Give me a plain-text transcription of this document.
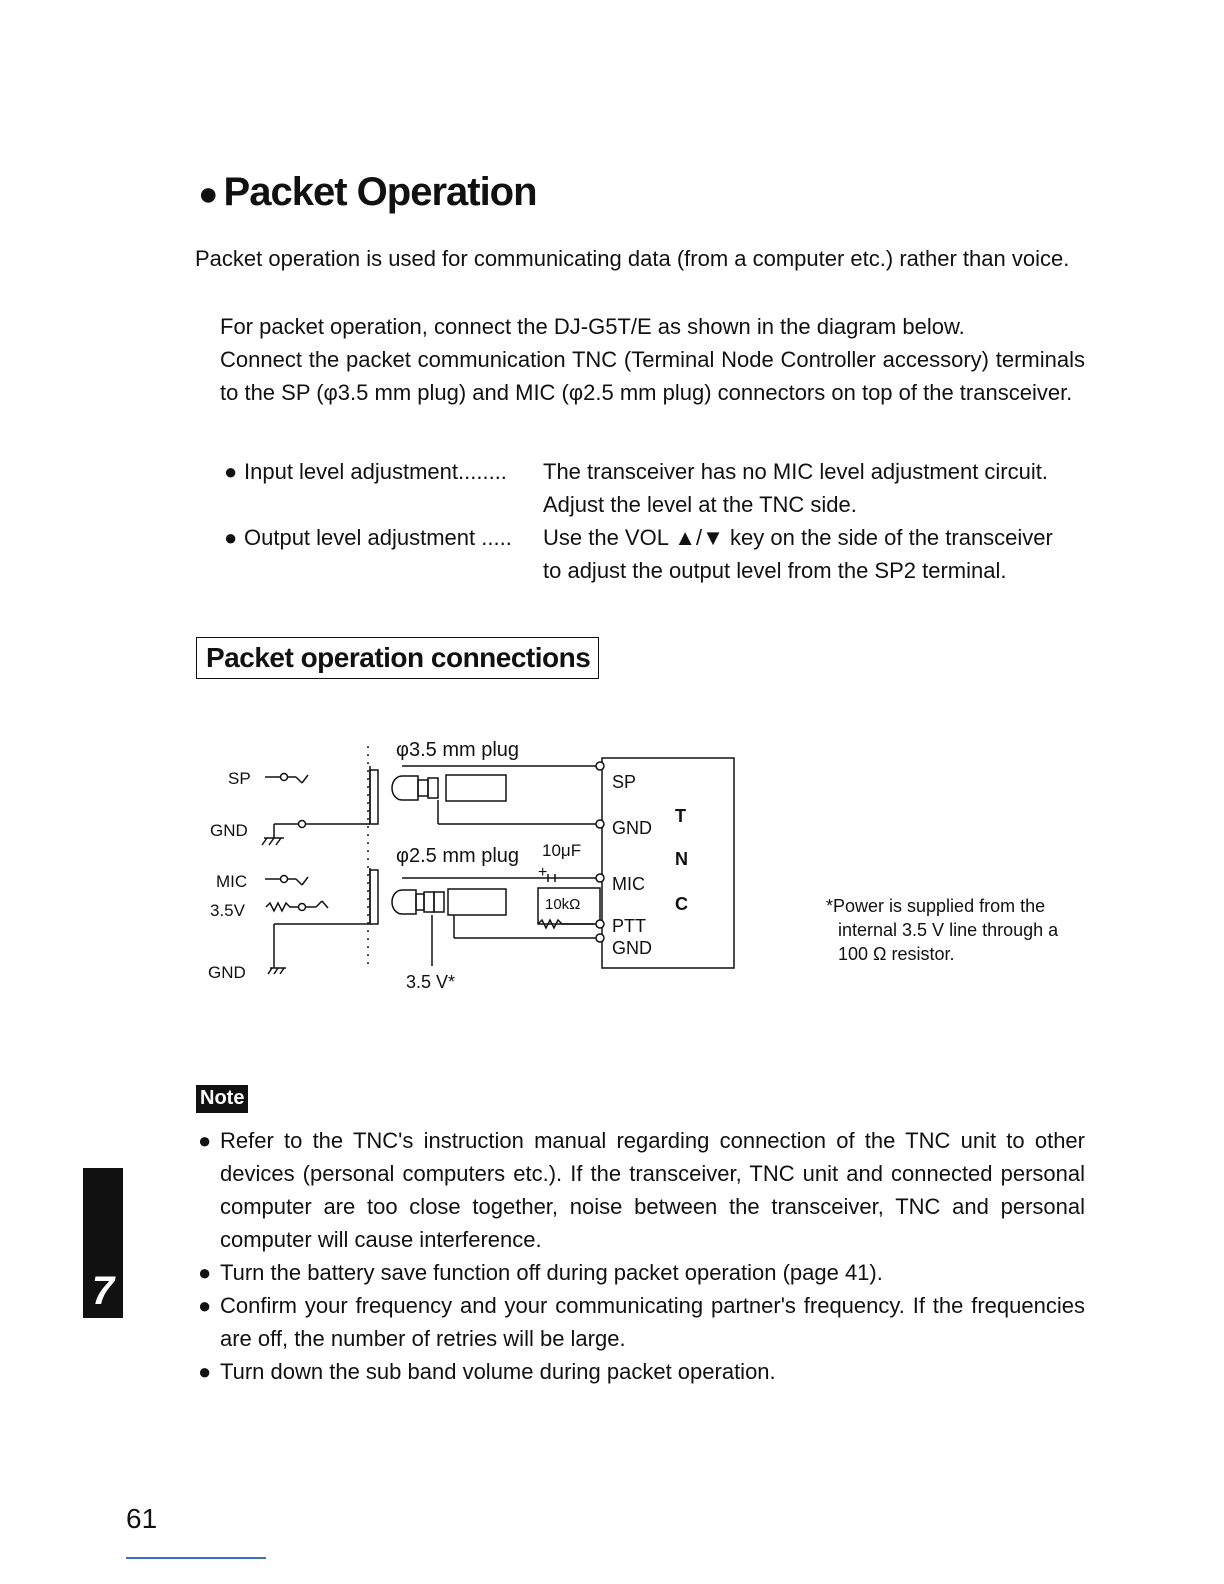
● Packet Operation
Packet operation is used for communicating data (from a computer etc.) rather than voice.
For packet operation, connect the DJ-G5T/E as shown in the diagram below.
Connect the packet communication TNC (Terminal Node Controller accessory) terminals to the SP (φ3.5 mm plug) and MIC (φ2.5 mm plug) connectors on top of the transceiver.
● Input level adjustment........ The transceiver has no MIC level adjustment circuit.
Adjust the level at the TNC side.
● Output level adjustment ..... Use the VOL ▲/▼ key on the side of the transceiver
to adjust the output level from the SP2 terminal.
Packet operation connections
SP
GND
MIC
3.5V
GND
φ3.5 mm plug
φ2.5 mm plug 10μF
+
10kΩ
3.5 V*
SP
GND
MIC
PTT
GND
T
N
C	*Power is supplied from the
internal 3.5 V line through a
100 Ω resistor.
Note
● Refer to the TNC's instruction manual regarding connection of the TNC unit to other devices (personal computers etc.). If the transceiver, TNC unit and connected personal computer are too close together, noise between the transceiver, TNC and personal computer will cause interference.
● Turn the battery save function off during packet operation (page 41).
● Confirm your frequency and your communicating partner's frequency. If the frequencies are off, the number of retries will be large.
● Turn down the sub band volume during packet operation.
7
61
